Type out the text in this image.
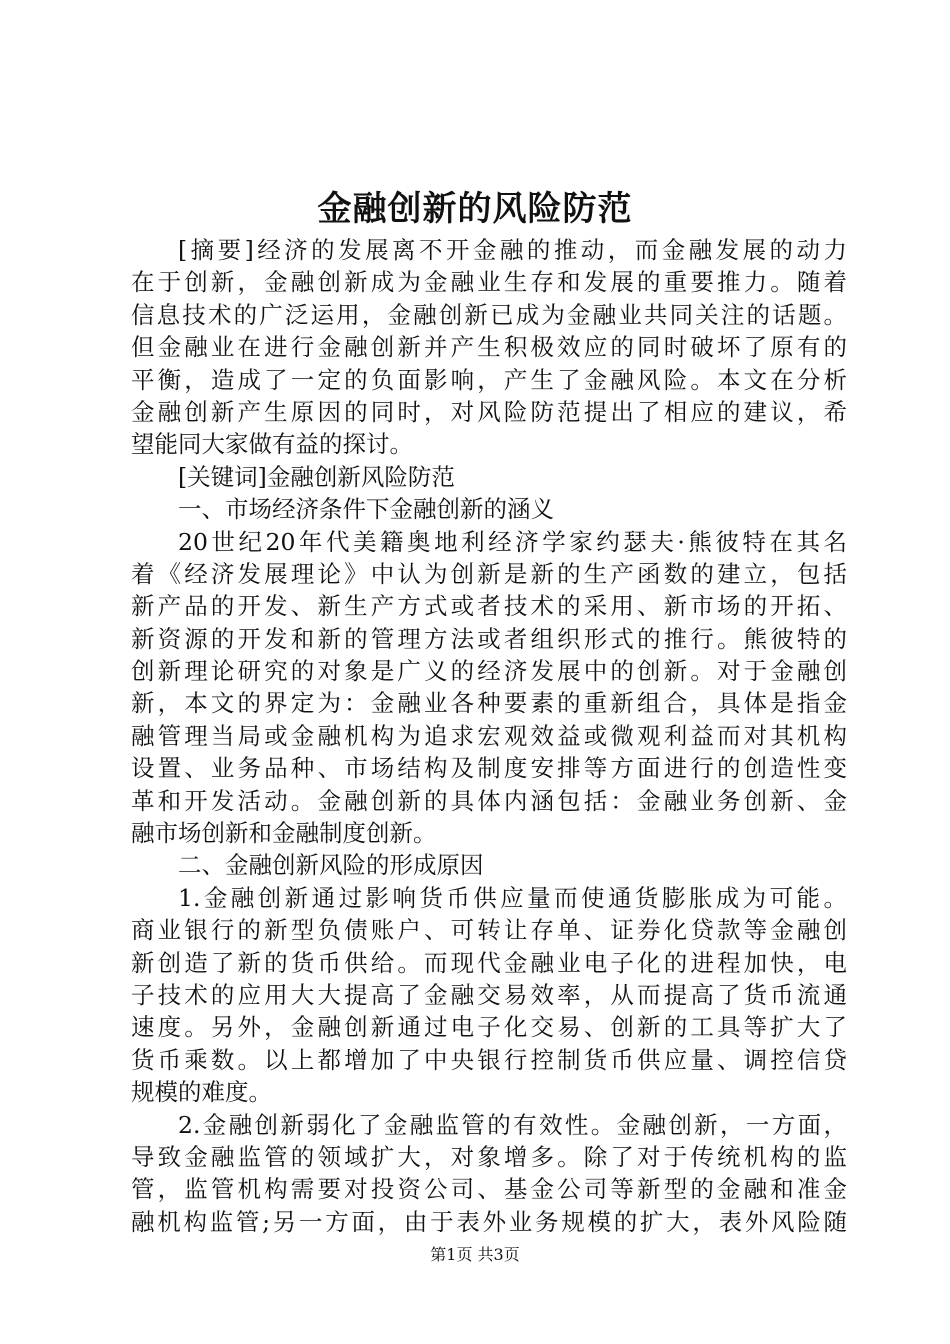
金融创新的风险防范
[摘要]经济的发展离不开金融的推动，而金融发展的动力
在于创新，金融创新成为金融业生存和发展的重要推力。随着
信息技术的广泛运用，金融创新已成为金融业共同关注的话题。
但金融业在进行金融创新并产生积极效应的同时破坏了原有的
平衡，造成了一定的负面影响，产生了金融风险。本文在分析
金融创新产生原因的同时，对风险防范提出了相应的建议，希
望能同大家做有益的探讨。
[关键词]金融创新风险防范
一、市场经济条件下金融创新的涵义
20世纪20年代美籍奥地利经济学家约瑟夫·熊彼特在其名
着《经济发展理论》中认为创新是新的生产函数的建立，包括
新产品的开发、新生产方式或者技术的采用、新市场的开拓、
新资源的开发和新的管理方法或者组织形式的推行。熊彼特的
创新理论研究的对象是广义的经济发展中的创新。对于金融创
新，本文的界定为：金融业各种要素的重新组合，具体是指金
融管理当局或金融机构为追求宏观效益或微观利益而对其机构
设置、业务品种、市场结构及制度安排等方面进行的创造性变
革和开发活动。金融创新的具体内涵包括：金融业务创新、金
融市场创新和金融制度创新。
二、金融创新风险的形成原因
1.金融创新通过影响货币供应量而使通货膨胀成为可能。
商业银行的新型负债账户、可转让存单、证券化贷款等金融创
新创造了新的货币供给。而现代金融业电子化的进程加快，电
子技术的应用大大提高了金融交易效率，从而提高了货币流通
速度。另外，金融创新通过电子化交易、创新的工具等扩大了
货币乘数。以上都增加了中央银行控制货币供应量、调控信贷
规模的难度。
2.金融创新弱化了金融监管的有效性。金融创新，一方面，
导致金融监管的领域扩大，对象增多。除了对于传统机构的监
管，监管机构需要对投资公司、基金公司等新型的金融和准金
融机构监管;另一方面，由于表外业务规模的扩大，表外风险随
第1页 共3页
